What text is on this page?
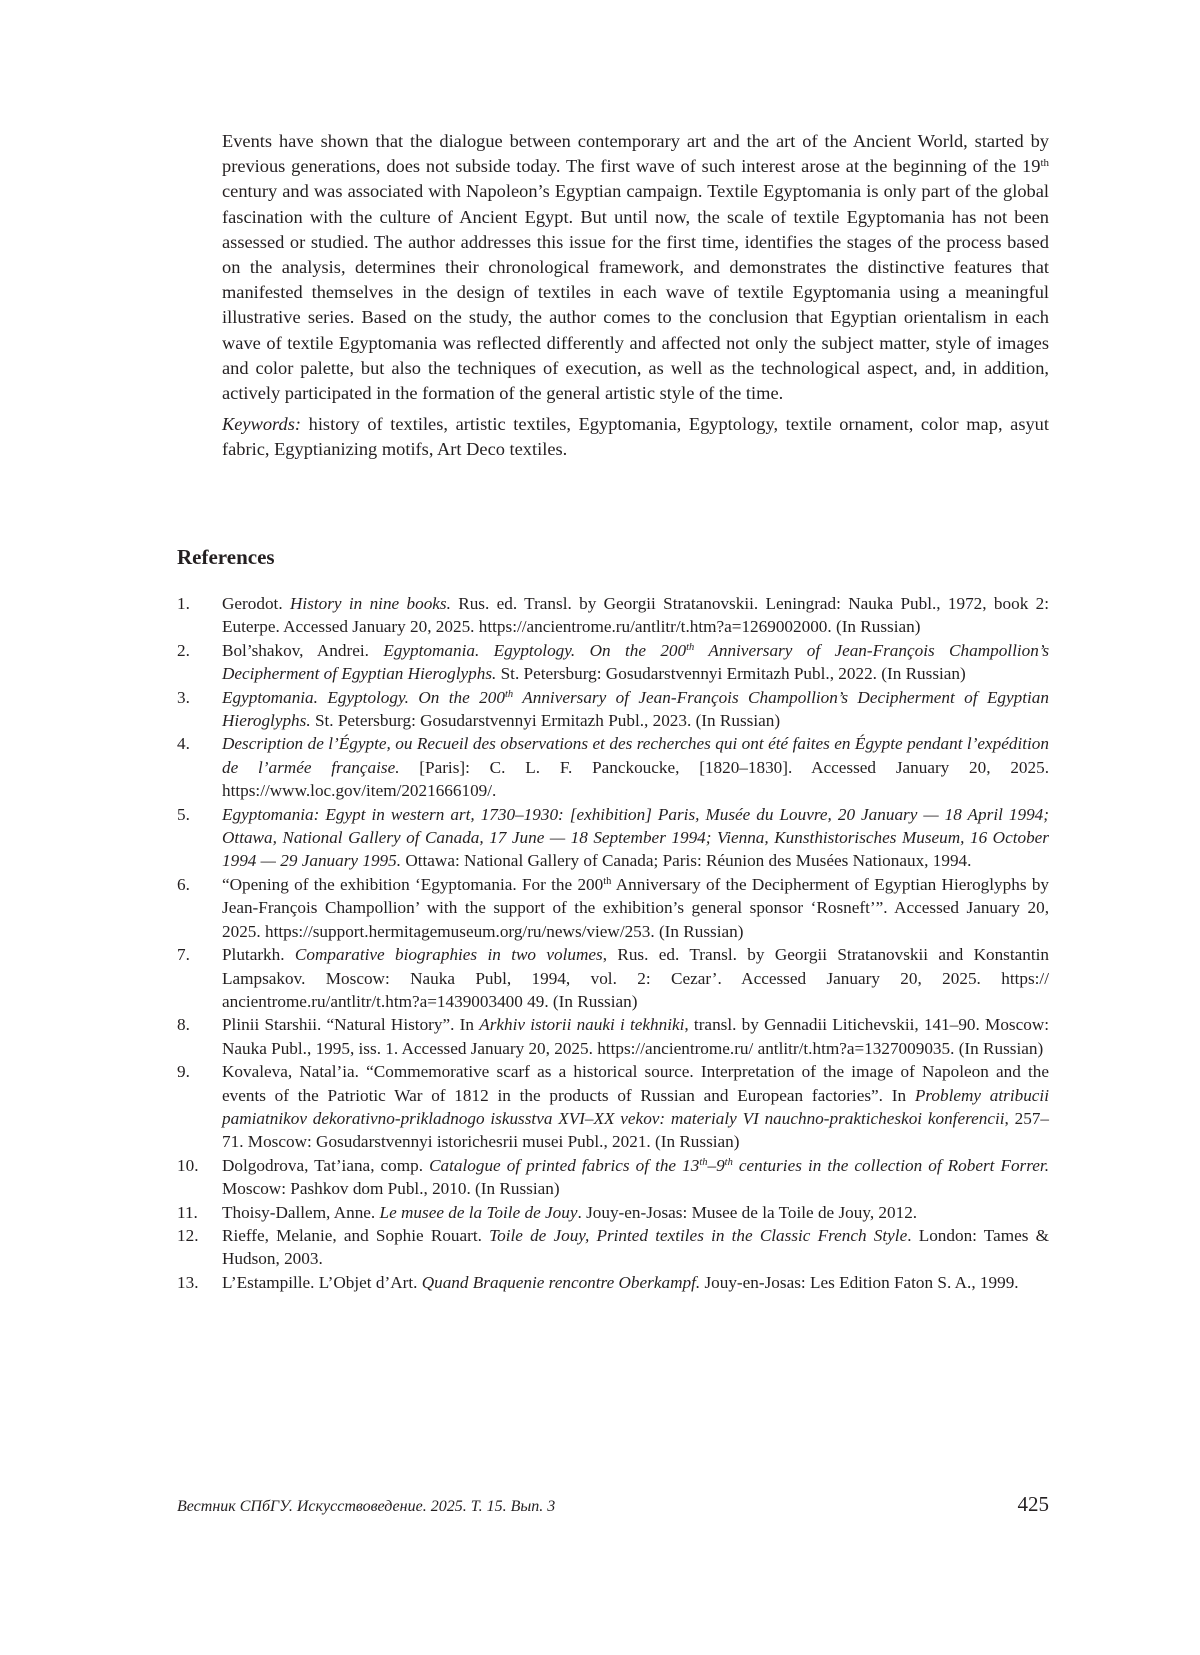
Events have shown that the dialogue between contemporary art and the art of the Ancient World, started by previous generations, does not subside today. The first wave of such interest arose at the beginning of the 19th century and was associated with Napoleon’s Egyptian campaign. Textile Egyptomania is only part of the global fascination with the culture of Ancient Egypt. But until now, the scale of textile Egyptomania has not been assessed or studied. The author addresses this issue for the first time, identifies the stages of the process based on the analysis, determines their chronological framework, and demonstrates the distinctive features that manifested themselves in the design of textiles in each wave of textile Egyptomania using a meaningful illustrative series. Based on the study, the author comes to the conclusion that Egyptian orientalism in each wave of textile Egyptomania was reflected differently and affected not only the subject matter, style of images and color palette, but also the techniques of execution, as well as the technological aspect, and, in addition, actively participated in the formation of the general artistic style of the time.

Keywords: history of textiles, artistic textiles, Egyptomania, Egyptology, textile ornament, color map, asyut fabric, Egyptianizing motifs, Art Deco textiles.

References
1. Gerodot. History in nine books. Rus. ed. Transl. by Georgii Stratanovskii. Leningrad: Nauka Publ., 1972, book 2: Euterpe. Accessed January 20, 2025. https://ancientrome.ru/antlitr/t.htm?a=1269002000. (In Russian)
2. Bol’shakov, Andrei. Egyptomania. Egyptology. On the 200th Anniversary of Jean-François Champollion’s Decipherment of Egyptian Hieroglyphs. St. Petersburg: Gosudarstvennyi Ermitazh Publ., 2022. (In Russian)
3. Egyptomania. Egyptology. On the 200th Anniversary of Jean-François Champollion’s Decipherment of Egyptian Hieroglyphs. St. Petersburg: Gosudarstvennyi Ermitazh Publ., 2023. (In Russian)
4. Description de l’Égypte, ou Recueil des observations et des recherches qui ont été faites en Égypte pendant l’expédition de l’armée française. [Paris]: C. L. F. Panckoucke, [1820–1830]. Accessed January 20, 2025. https://www.loc.gov/item/2021666109/.
5. Egyptomania: Egypt in western art, 1730–1930: [exhibition] Paris, Musée du Louvre, 20 January — 18 April 1994; Ottawa, National Gallery of Canada, 17 June — 18 September 1994; Vienna, Kunsthistorisches Museum, 16 October 1994 — 29 January 1995. Ottawa: National Gallery of Canada; Paris: Réunion des Musées Nationaux, 1994.
6. “Opening of the exhibition ‘Egyptomania. For the 200th Anniversary of the Decipherment of Egyptian Hieroglyphs by Jean-François Champollion’ with the support of the exhibition’s general sponsor ‘Rosneft’”. Accessed January 20, 2025. https://support.hermitagemuseum.org/ru/news/view/253. (In Russian)
7. Plutarkh. Comparative biographies in two volumes, Rus. ed. Transl. by Georgii Stratanovskii and Konstantin Lampsakov. Moscow: Nauka Publ, 1994, vol. 2: Cezar’. Accessed January 20, 2025. https:// ancientrome.ru/antlitr/t.htm?a=1439003400 49. (In Russian)
8. Plinii Starshii. “Natural History”. In Arkhiv istorii nauki i tekhniki, transl. by Gennadii Litichevskii, 141–90. Moscow: Nauka Publ., 1995, iss. 1. Accessed January 20, 2025. https://ancientrome.ru/ antlitr/t.htm?a=1327009035. (In Russian)
9. Kovaleva, Natal’ia. “Commemorative scarf as a historical source. Interpretation of the image of Napoleon and the events of the Patriotic War of 1812 in the products of Russian and European factories”. In Problemy atribucii pamiatnikov dekorativno-prikladnogo iskusstva XVI–XX vekov: materialy VI nauchno-prakticheskoi konferencii, 257–71. Moscow: Gosudarstvennyi istorichesrii musei Publ., 2021. (In Russian)
10. Dolgodrova, Tat’iana, comp. Catalogue of printed fabrics of the 13th–9th centuries in the collection of Robert Forrer. Moscow: Pashkov dom Publ., 2010. (In Russian)
11. Thoisy-Dallem, Anne. Le musee de la Toile de Jouy. Jouy-en-Josas: Musee de la Toile de Jouy, 2012.
12. Rieffe, Melanie, and Sophie Rouart. Toile de Jouy, Printed textiles in the Classic French Style. London: Tames & Hudson, 2003.
13. L’Estampille. L’Objet d’Art. Quand Braquenie rencontre Oberkampf. Jouy-en-Josas: Les Edition Faton S. A., 1999.
Вестник СПбГУ. Искусствоведение. 2025. Т. 15. Вып. 3	425
